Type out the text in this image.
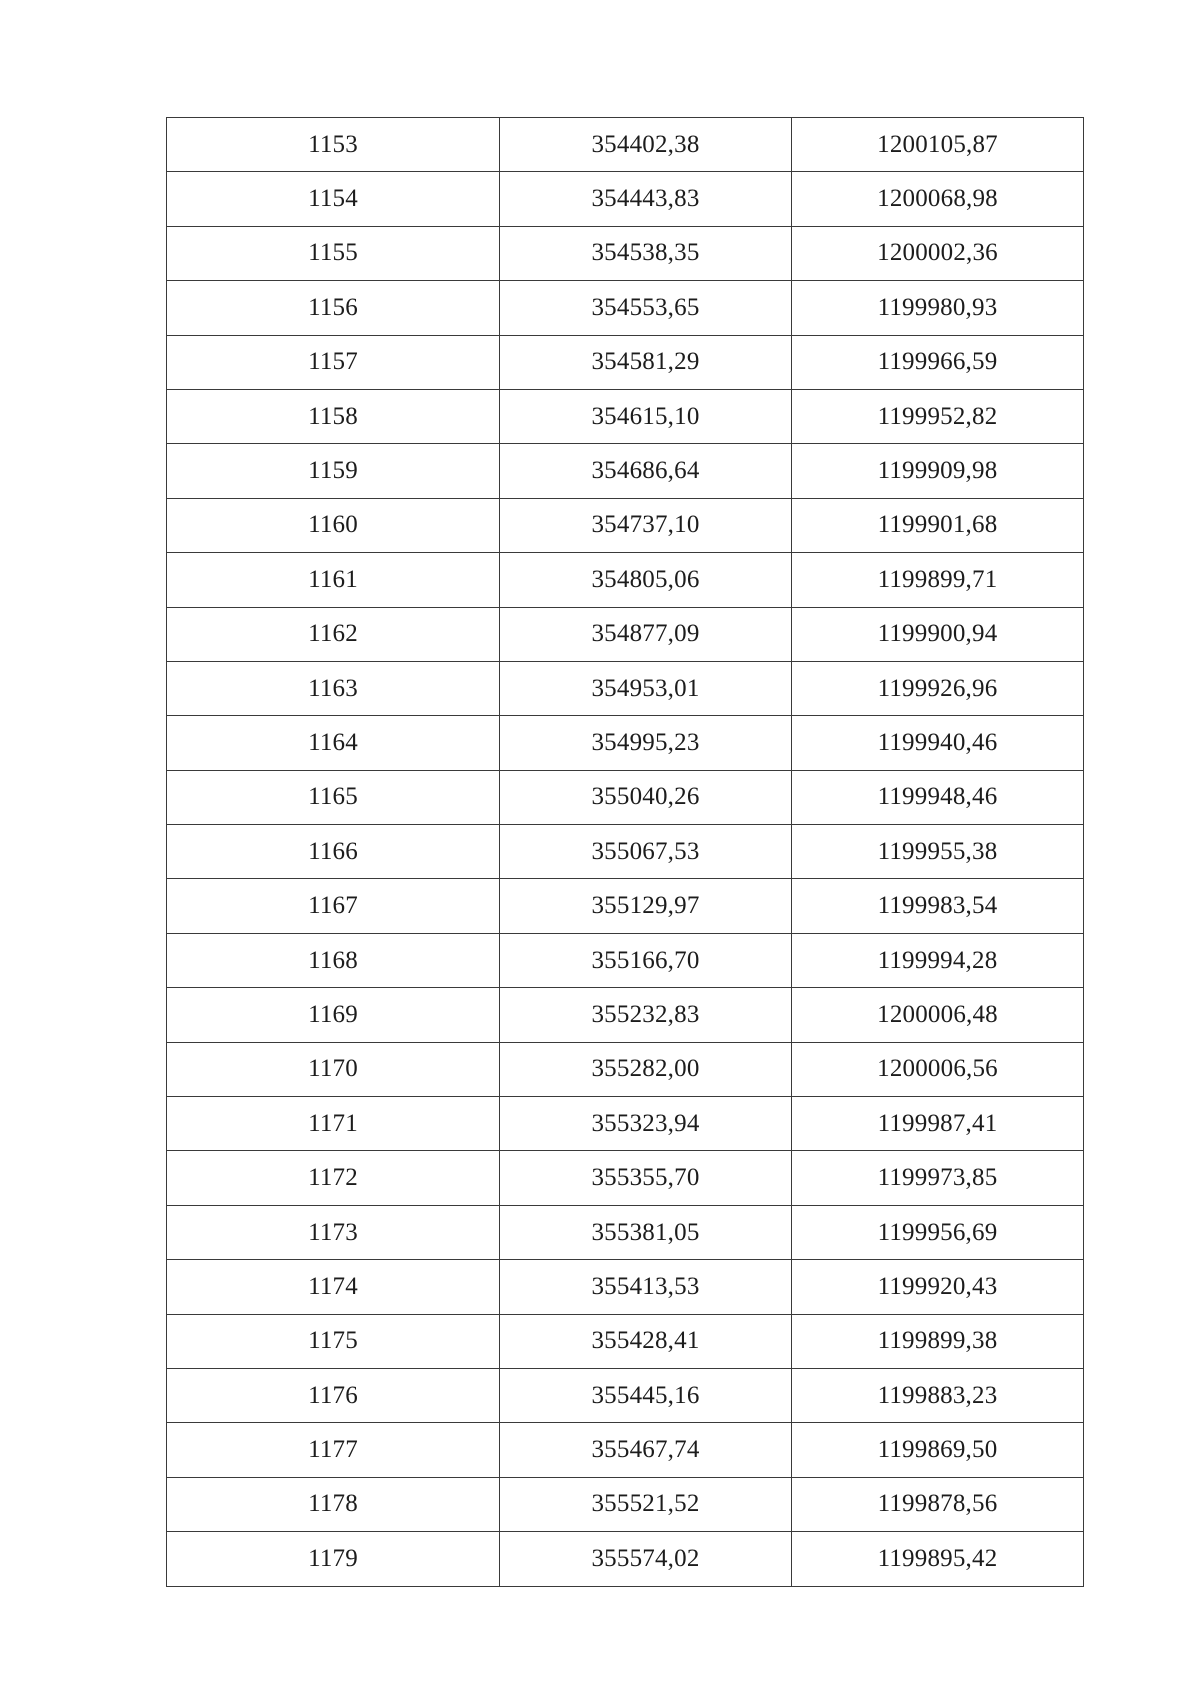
1153	354402,38	1200105,87
1154	354443,83	1200068,98
1155	354538,35	1200002,36
1156	354553,65	1199980,93
1157	354581,29	1199966,59
1158	354615,10	1199952,82
1159	354686,64	1199909,98
1160	354737,10	1199901,68
1161	354805,06	1199899,71
1162	354877,09	1199900,94
1163	354953,01	1199926,96
1164	354995,23	1199940,46
1165	355040,26	1199948,46
1166	355067,53	1199955,38
1167	355129,97	1199983,54
1168	355166,70	1199994,28
1169	355232,83	1200006,48
1170	355282,00	1200006,56
1171	355323,94	1199987,41
1172	355355,70	1199973,85
1173	355381,05	1199956,69
1174	355413,53	1199920,43
1175	355428,41	1199899,38
1176	355445,16	1199883,23
1177	355467,74	1199869,50
1178	355521,52	1199878,56
1179	355574,02	1199895,42
